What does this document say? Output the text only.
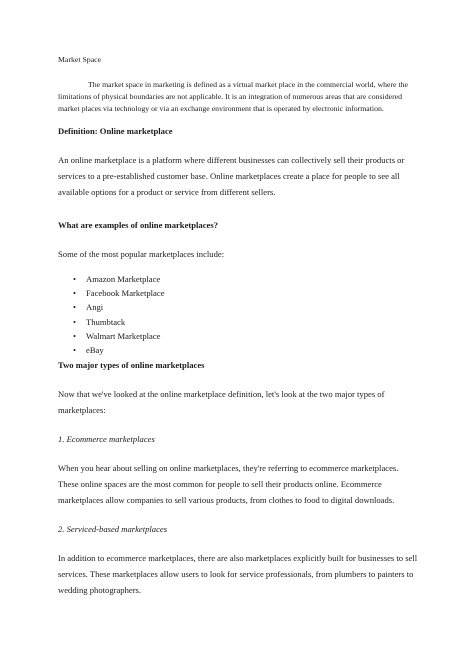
Market Space

The market space in marketing is defined as a virtual market place in the commercial world, where the limitations of physical boundaries are not applicable. It is an integration of numerous areas that are considered market places via technology or via an exchange environment that is operated by electronic information.

Definition: Online marketplace

An online marketplace is a platform where different businesses can collectively sell their products or services to a pre-established customer base. Online marketplaces create a place for people to see all available options for a product or service from different sellers.

What are examples of online marketplaces?

Some of the most popular marketplaces include:

• Amazon Marketplace
• Facebook Marketplace
• Angi
• Thumbtack
• Walmart Marketplace
• eBay

Two major types of online marketplaces

Now that we've looked at the online marketplace definition, let's look at the two major types of marketplaces:

1. Ecommerce marketplaces

When you hear about selling on online marketplaces, they're referring to ecommerce marketplaces. These online spaces are the most common for people to sell their products online. Ecommerce marketplaces allow companies to sell various products, from clothes to food to digital downloads.

2. Serviced-based marketplaces

In addition to ecommerce marketplaces, there are also marketplaces explicitly built for businesses to sell services. These marketplaces allow users to look for service professionals, from plumbers to painters to wedding photographers.
